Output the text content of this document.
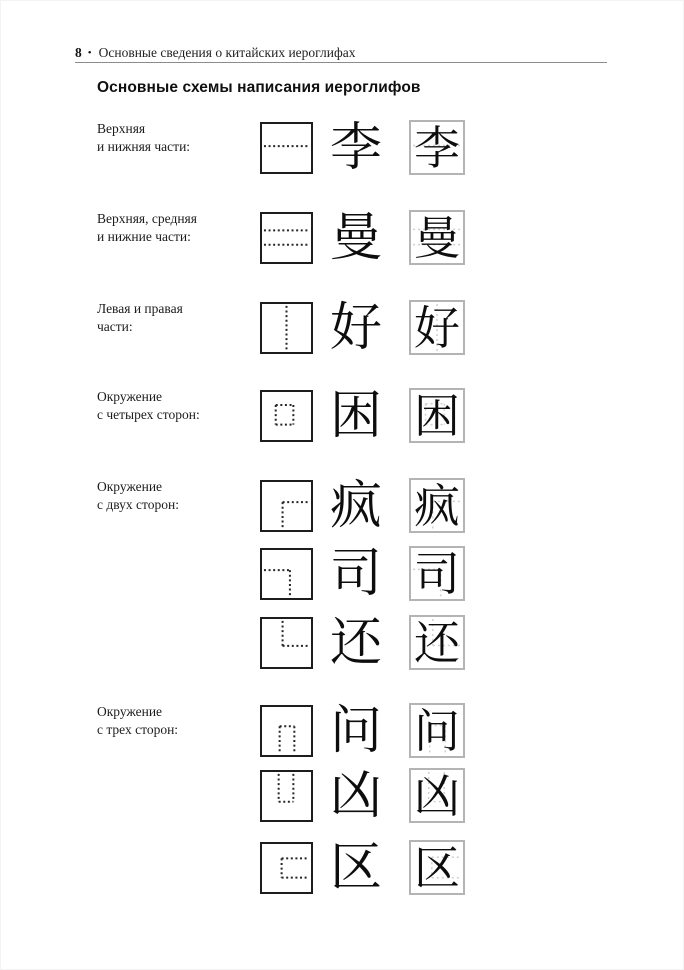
8 • Основные сведения о китайских иероглифах
Основные схемы написания иероглифов
Верхняя
и нижняя части:	李 李
Верхняя, средняя
и нижние части:	曼 曼
Левая и правая
части:	好 好
Окружение
с четырех сторон:	困 困
Окружение
с двух сторон:	疯 疯
司 司
还 还
Окружение
с трех сторон:	问 问
凶 凶
区 区
